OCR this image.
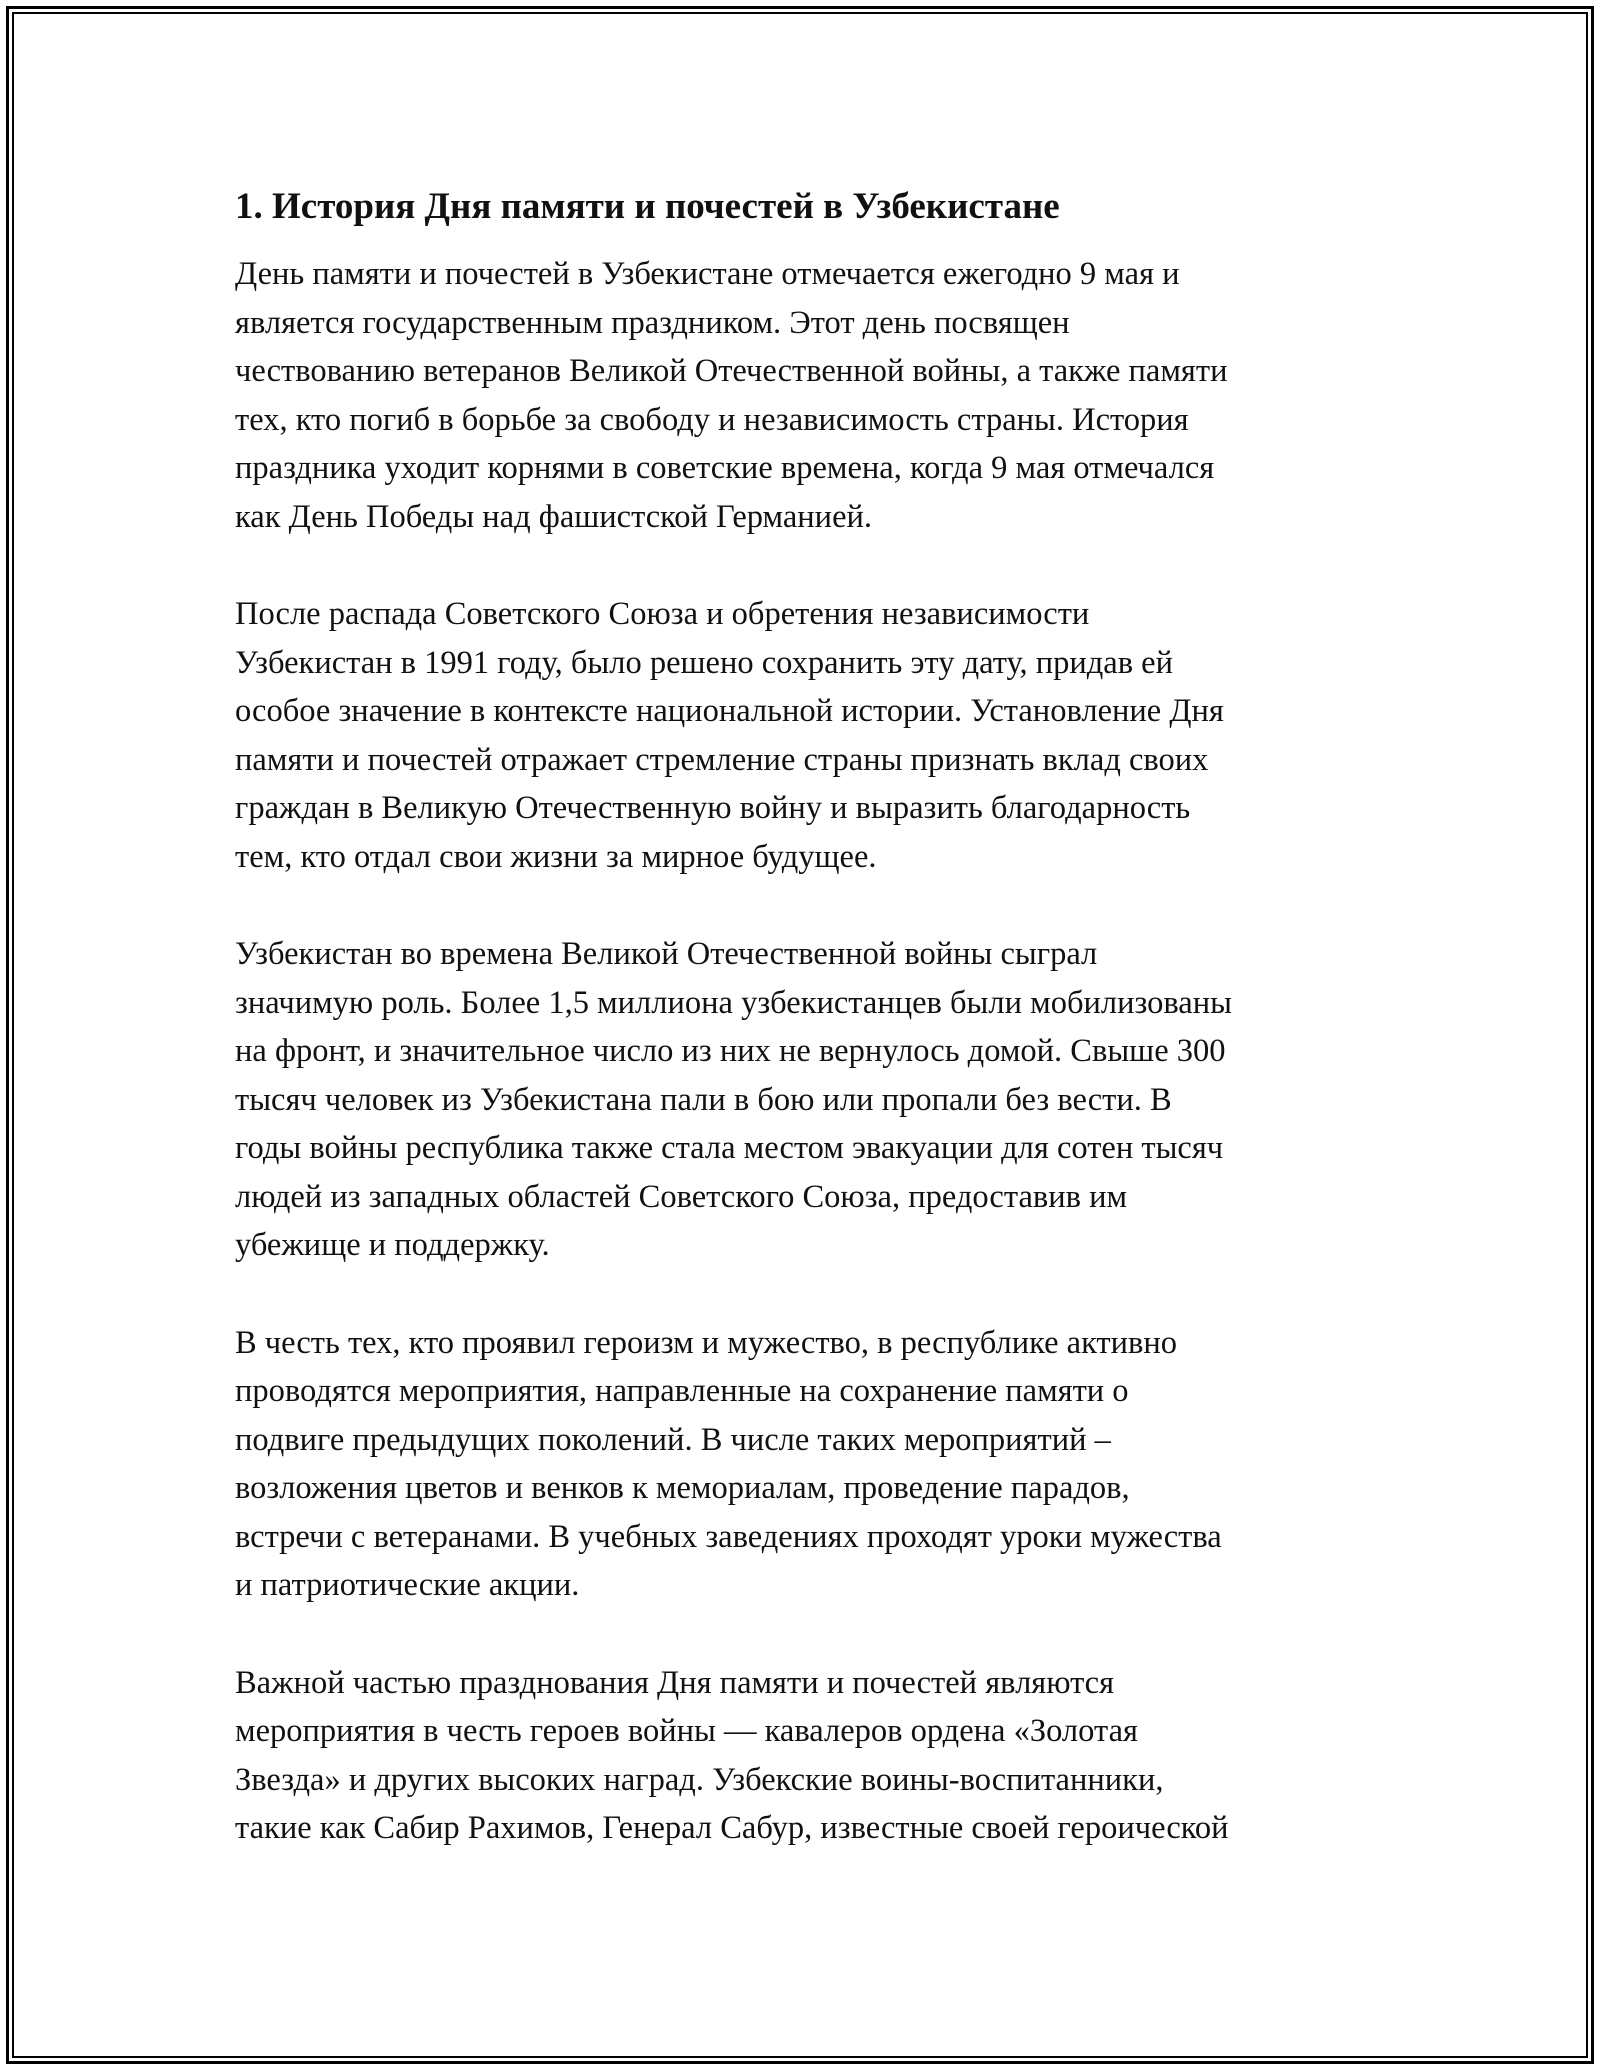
1. История Дня памяти и почестей в Узбекистане

День памяти и почестей в Узбекистане отмечается ежегодно 9 мая и
является государственным праздником. Этот день посвящен
чествованию ветеранов Великой Отечественной войны, а также памяти
тех, кто погиб в борьбе за свободу и независимость страны. История
праздника уходит корнями в советские времена, когда 9 мая отмечался
как День Победы над фашистской Германией.

После распада Советского Союза и обретения независимости
Узбекистан в 1991 году, было решено сохранить эту дату, придав ей
особое значение в контексте национальной истории. Установление Дня
памяти и почестей отражает стремление страны признать вклад своих
граждан в Великую Отечественную войну и выразить благодарность
тем, кто отдал свои жизни за мирное будущее.

Узбекистан во времена Великой Отечественной войны сыграл
значимую роль. Более 1,5 миллиона узбекистанцев были мобилизованы
на фронт, и значительное число из них не вернулось домой. Свыше 300
тысяч человек из Узбекистана пали в бою или пропали без вести. В
годы войны республика также стала местом эвакуации для сотен тысяч
людей из западных областей Советского Союза, предоставив им
убежище и поддержку.

В честь тех, кто проявил героизм и мужество, в республике активно
проводятся мероприятия, направленные на сохранение памяти о
подвиге предыдущих поколений. В числе таких мероприятий –
возложения цветов и венков к мемориалам, проведение парадов,
встречи с ветеранами. В учебных заведениях проходят уроки мужества
и патриотические акции.

Важной частью празднования Дня памяти и почестей являются
мероприятия в честь героев войны — кавалеров ордена «Золотая
Звезда» и других высоких наград. Узбекские воины-воспитанники,
такие как Сабир Рахимов, Генерал Сабур, известные своей героической
